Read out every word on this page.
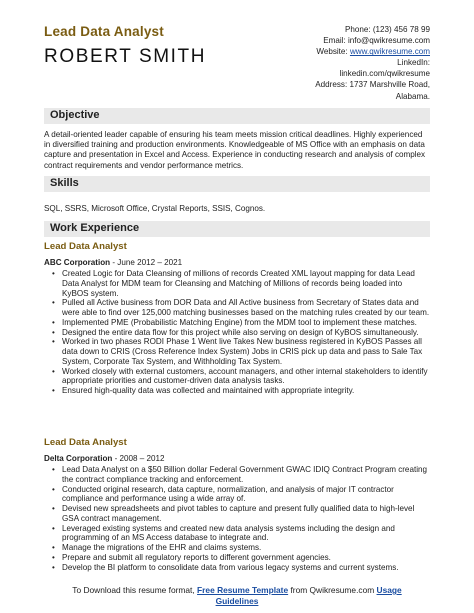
Lead Data Analyst
ROBERT SMITH
Phone: (123) 456 78 99
Email: info@qwikresume.com
Website: www.qwikresume.com
LinkedIn:
linkedin.com/qwikresume
Address: 1737 Marshville Road,
Alabama.
Objective
A detail-oriented leader capable of ensuring his team meets mission critical deadlines. Highly experienced in diversified training and production environments. Knowledgeable of MS Office with an emphasis on data capture and presentation in Excel and Access. Experience in conducting research and analysis of complex contract requirements and vendor performance metrics.
Skills
SQL, SSRS, Microsoft Office, Crystal Reports, SSIS, Cognos.
Work Experience
Lead Data Analyst
ABC Corporation - June 2012 – 2021
• Created Logic for Data Cleansing of millions of records Created XML layout mapping for data Lead Data Analyst for MDM team for Cleansing and Matching of Millions of records being loaded into KyBOS system.
• Pulled all Active business from DOR Data and All Active business from Secretary of States data and were able to find over 125,000 matching businesses based on the matching rules created by our team.
• Implemented PME (Probabilistic Matching Engine) from the MDM tool to implement these matches.
• Designed the entire data flow for this project while also serving on design of KyBOS simultaneously.
• Worked in two phases RODI Phase 1 Went live Takes New business registered in KyBOS Passes all data down to CRIS (Cross Reference Index System) Jobs in CRIS pick up data and pass to Sale Tax System, Corporate Tax System, and Withholding Tax System.
• Worked closely with external customers, account managers, and other internal stakeholders to identify appropriate priorities and customer-driven data analysis tasks.
• Ensured high-quality data was collected and maintained with appropriate integrity.
Lead Data Analyst
Delta Corporation - 2008 – 2012
• Lead Data Analyst on a $50 Billion dollar Federal Government GWAC IDIQ Contract Program creating the contract compliance tracking and enforcement.
• Conducted original research, data capture, normalization, and analysis of major IT contractor compliance and performance using a wide array of.
• Devised new spreadsheets and pivot tables to capture and present fully qualified data to high-level GSA contract management.
• Leveraged existing systems and created new data analysis systems including the design and programming of an MS Access database to integrate and.
• Manage the migrations of the EHR and claims systems.
• Prepare and submit all regulatory reports to different government agencies.
• Develop the BI platform to consolidate data from various legacy systems and current systems.
To Download this resume format, Free Resume Template from Qwikresume.com Usage
Guidelines
